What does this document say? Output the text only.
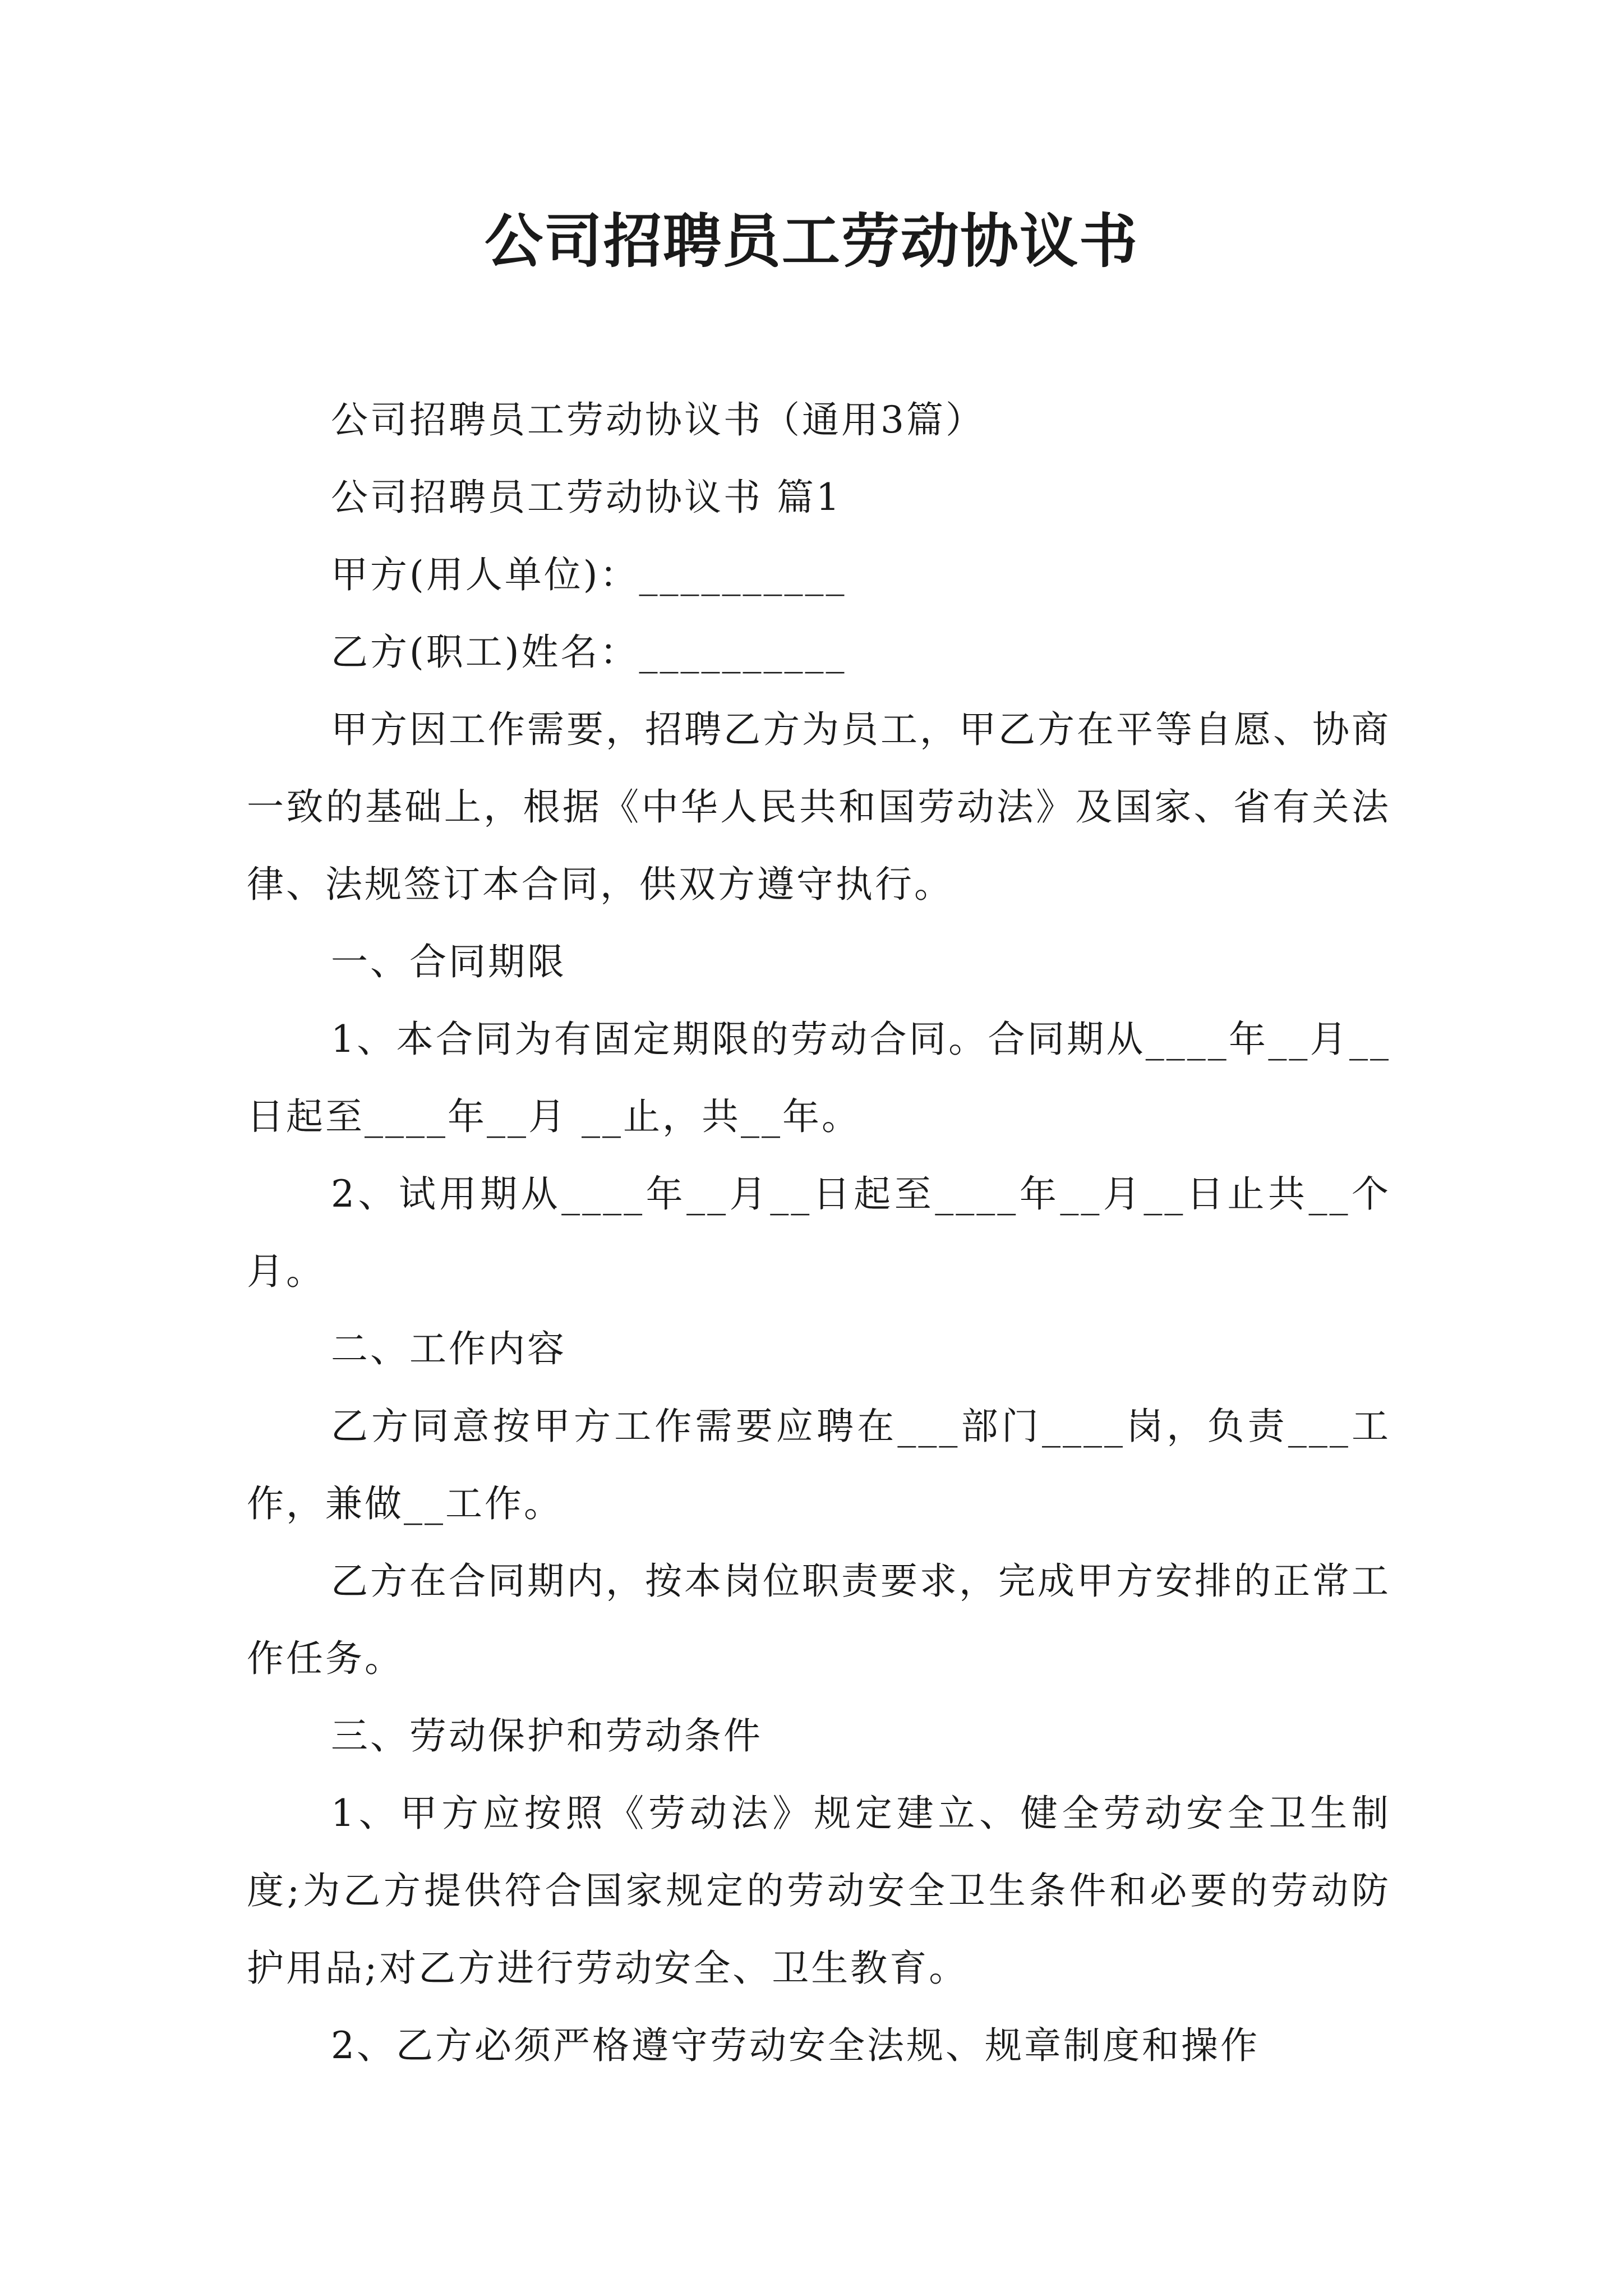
公司招聘员工劳动协议书

公司招聘员工劳动协议书（通用3篇）

公司招聘员工劳动协议书 篇1

甲方(用人单位)：__________

乙方(职工)姓名：__________

甲方因工作需要，招聘乙方为员工，甲乙方在平等自愿、协商一致的基础上，根据《中华人民共和国劳动法》及国家、省有关法律、法规签订本合同，供双方遵守执行。

一、合同期限

1、本合同为有固定期限的劳动合同。合同期从____年__月__日起至____年__月 __止，共__年。

2、试用期从____年__月__日起至____年__月__日止共__个月。

二、工作内容

乙方同意按甲方工作需要应聘在___部门____岗，负责___工作，兼做__工作。

乙方在合同期内，按本岗位职责要求，完成甲方安排的正常工作任务。

三、劳动保护和劳动条件

1、甲方应按照《劳动法》规定建立、健全劳动安全卫生制度;为乙方提供符合国家规定的劳动安全卫生条件和必要的劳动防护用品;对乙方进行劳动安全、卫生教育。

2、乙方必须严格遵守劳动安全法规、规章制度和操作
